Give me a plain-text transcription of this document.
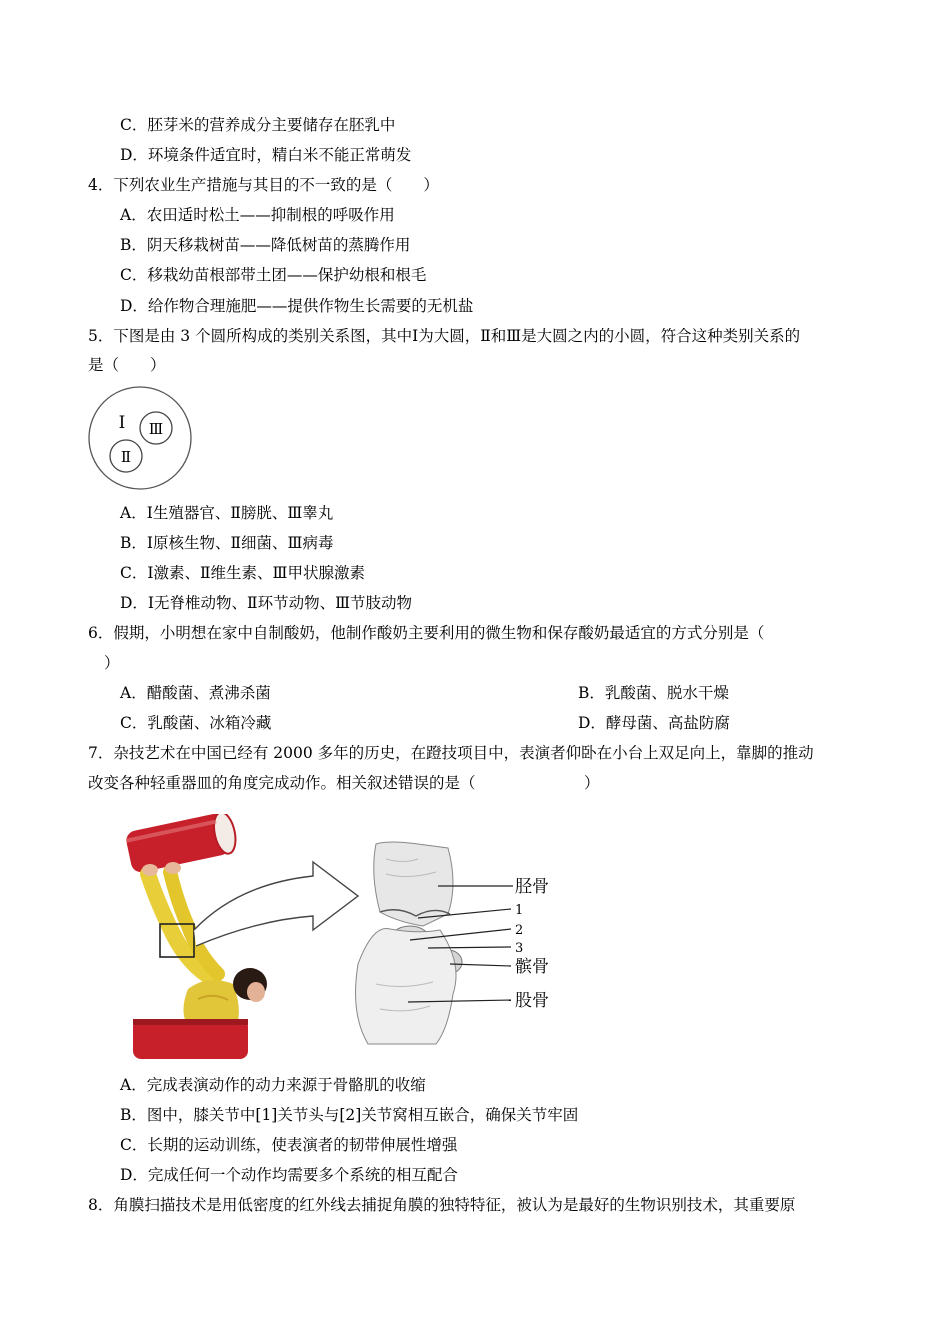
C．胚芽米的营养成分主要储存在胚乳中
D．环境条件适宜时，精白米不能正常萌发
4．下列农业生产措施与其目的不一致的是（　　）
A．农田适时松土——抑制根的呼吸作用
B．阴天移栽树苗——降低树苗的蒸腾作用
C．移栽幼苗根部带土团——保护幼根和根毛
D．给作物合理施肥——提供作物生长需要的无机盐
5．下图是由 3 个圆所构成的类别关系图，其中Ⅰ为大圆，Ⅱ和Ⅲ是大圆之内的小圆，符合这种类别关系的
是（　　）
Ⅰ Ⅲ
Ⅱ
A．Ⅰ生殖器官、Ⅱ膀胱、Ⅲ睾丸
B．Ⅰ原核生物、Ⅱ细菌、Ⅲ病毒
C．Ⅰ激素、Ⅱ维生素、Ⅲ甲状腺激素
D．Ⅰ无脊椎动物、Ⅱ环节动物、Ⅲ节肢动物
6．假期，小明想在家中自制酸奶，他制作酸奶主要利用的微生物和保存酸奶最适宜的方式分别是（
）
A．醋酸菌、煮沸杀菌	B．乳酸菌、脱水干燥
C．乳酸菌、冰箱冷藏	D．酵母菌、高盐防腐
7．杂技艺术在中国已经有 2000 多年的历史，在蹬技项目中，表演者仰卧在小台上双足向上，靠脚的推动
改变各种轻重器皿的角度完成动作。相关叙述错误的是（　　　　　　　）
胫骨
1
2
3
髌骨
股骨
A．完成表演动作的动力来源于骨骼肌的收缩
B．图中，膝关节中[1]关节头与[2]关节窝相互嵌合，确保关节牢固
C．长期的运动训练，使表演者的韧带伸展性增强
D．完成任何一个动作均需要多个系统的相互配合
8．角膜扫描技术是用低密度的红外线去捕捉角膜的独特特征，被认为是最好的生物识别技术，其重要原
